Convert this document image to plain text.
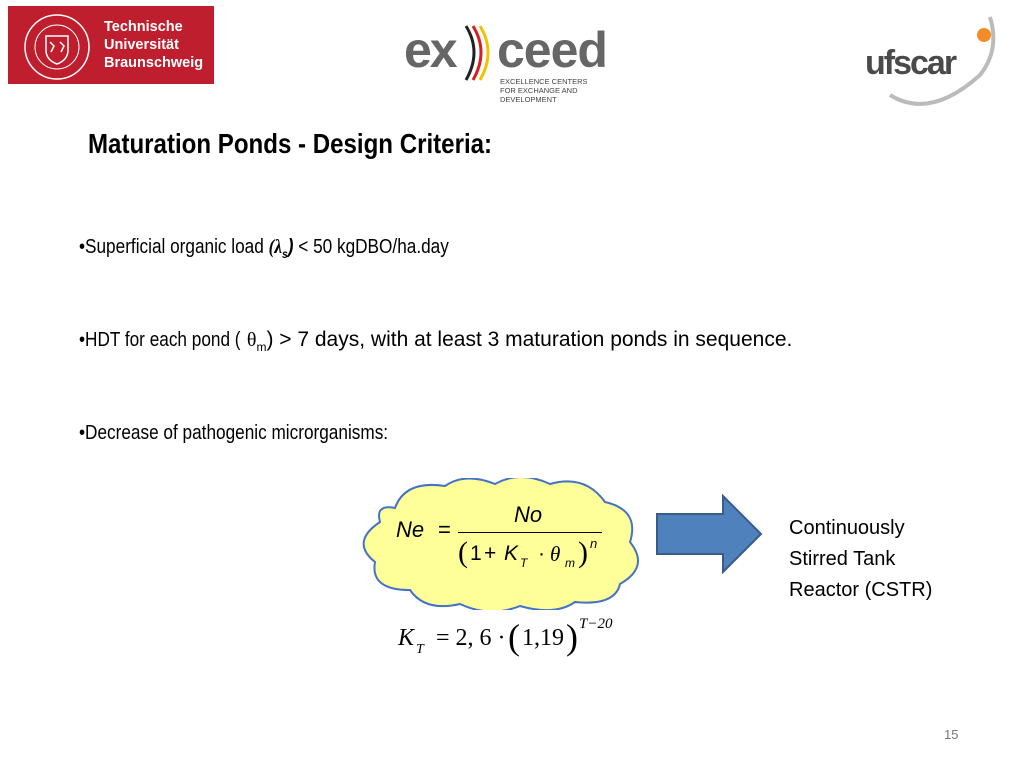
Technische
Universität
Braunschweig	ex ceed
EXCELLENCE CENTERS
FOR EXCHANGE AND DEVELOPMENT
ufscar
Maturation Ponds - Design Criteria:
•Superficial organic load $(\lambda_s) < 50$ kgDBO/ha.day
•HDT for each pond ( $\theta_m) > 7$ days, with at least 3 maturation ponds in sequence.
•Decrease of pathogenic microrganisms:
Ne =
No
( 1 + K T · θ m ) n
Continuously
Stirred Tank
Reactor (CSTR)
K T = 2, 6 · ( 1,19 ) T−20
15
